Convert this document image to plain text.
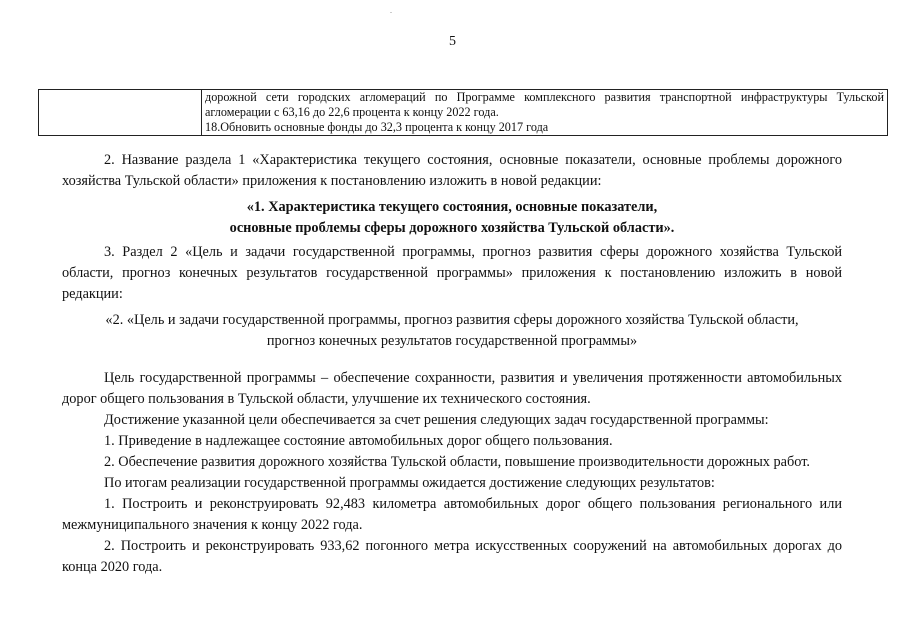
5

дорожной сети городских агломераций по Программе комплексного развития транспортной инфраструктуры Тульской агломерации с 63,16 до 22,6 процента к концу 2022 года.
18.Обновить основные фонды до 32,3 процента к концу 2017 года

2. Название раздела 1 «Характеристика текущего состояния, основные показатели, основные проблемы дорожного хозяйства Тульской области» приложения к постановлению изложить в новой редакции:

«1. Характеристика текущего состояния, основные показатели,
основные проблемы сферы дорожного хозяйства Тульской области».

3. Раздел 2 «Цель и задачи государственной программы, прогноз развития сферы дорожного хозяйства Тульской области, прогноз конечных результатов государственной программы» приложения к постановлению изложить в новой редакции:

«2. «Цель и задачи государственной программы, прогноз развития сферы дорожного хозяйства Тульской области,
прогноз конечных результатов государственной программы»

Цель государственной программы – обеспечение сохранности, развития и увеличения протяженности автомобильных дорог общего пользования в Тульской области, улучшение их технического состояния.

Достижение указанной цели обеспечивается за счет решения следующих задач государственной программы:

1. Приведение в надлежащее состояние автомобильных дорог общего пользования.

2. Обеспечение развития дорожного хозяйства Тульской области, повышение производительности дорожных работ.

По итогам реализации государственной программы ожидается достижение следующих результатов:

1. Построить и реконструировать 92,483 километра автомобильных дорог общего пользования регионального или межмуниципального значения к концу 2022 года.

2. Построить и реконструировать 933,62 погонного метра искусственных сооружений на автомобильных дорогах до конца 2020 года.
